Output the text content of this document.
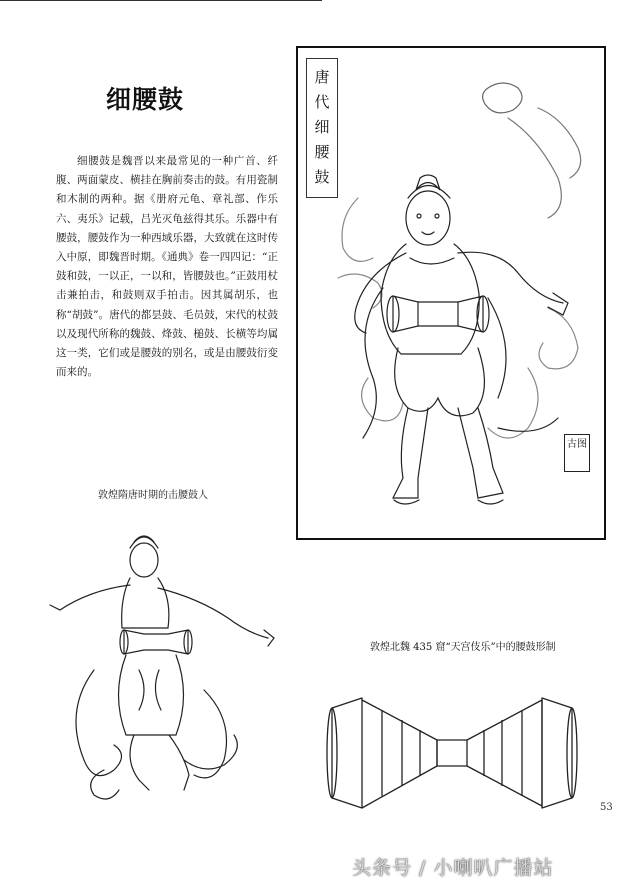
细腰鼓
细腰鼓是魏晋以来最常见的一种广首、纤腹、两面蒙皮、横挂在胸前奏击的鼓。有用瓷制和木制的两种。据《册府元龟、章礼部、作乐六、夷乐》记载，吕光灭龟兹得其乐。乐器中有腰鼓，腰鼓作为一种西域乐器，大致就在这时传入中原，即魏晋时期。《通典》卷一四四记：“正鼓和鼓，一以正，一以和，皆腰鼓也。”正鼓用杖击兼拍击，和鼓则双手拍击。因其属胡乐，也称“胡鼓”。唐代的都昙鼓、毛员鼓，宋代的杖鼓以及现代所称的魏鼓、烽鼓、槌鼓、长横等均属这一类，它们或是腰鼓的别名，或是由腰鼓衍变而来的。
唐
代
细
腰
鼓
古图
敦煌隋唐时期的击腰鼓人
敦煌北魏 435 窟“天宫伎乐”中的腰鼓形制
53
头条号 / 小喇叭广播站
